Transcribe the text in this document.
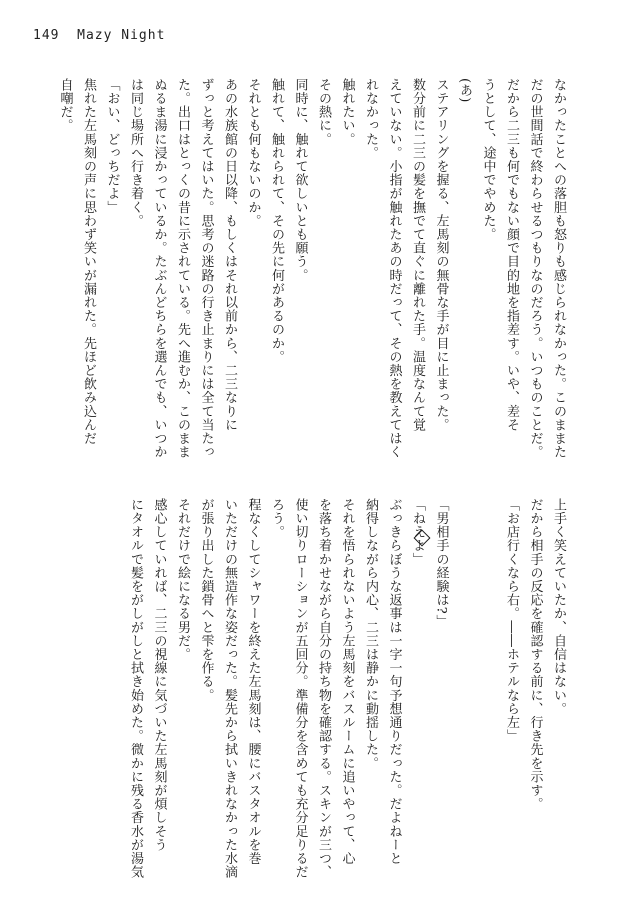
149 Mazy Night
なかったことへの落胆も怒りも感じられなかった。このままた
だの世間話で終わらせるつもりなのだろう。いつものことだ。
だから二三も何でもない顔で目的地を指差す。いや、差そ
うとして、途中でやめた。
(あ)
ステアリングを握る、左馬刻の無骨な手が目に止まった。
数分前に二三の髪を撫でて直ぐに離れた手。温度なんて覚
えていない。小指が触れたあの時だって、その熱を教えてはく
れなかった。
触れたい。
その熱に。
同時に、触れて欲しいとも願う。
触れて、触れられて、その先に何があるのか。
それとも何もないのか。
あの水族館の日以降、もしくはそれ以前から、二三なりに
ずっと考えてはいた。思考の迷路の行き止まりには全て当たっ
た。出口はとっくの昔に示されている。先へ進むか、このまま
ぬるま湯に浸かっているか。たぶんどちらを選んでも、いつか
は同じ場所へ行き着く。
「おい、どっちだよ」
焦れた左馬刻の声に思わず笑いが漏れた。先ほど飲み込んだ
自嘲だ。
上手く笑えていたか、自信はない。
だから相手の反応を確認する前に、行き先を示す。
「お店行くなら右。――ホテルなら左」
「男相手の経験は?」
「ねえよ」
ぶっきらぼうな返事は一字一句予想通りだった。だよねーと
納得しながら内心、二三は静かに動揺した。
それを悟られないよう左馬刻をバスルームに追いやって、心
を落ち着かせながら自分の持ち物を確認する。スキンが三つ、
使い切りローションが五回分。準備分を含めても充分足りるだ
ろう。
程なくしてシャワーを終えた左馬刻は、腰にバスタオルを巻
いただけの無造作な姿だった。髪先から拭いきれなかった水滴
が張り出した鎖骨へと雫を作る。
それだけで絵になる男だ。
感心していれば、二三の視線に気づいた左馬刻が煩しそう
にタオルで髪をがしがしと拭き始めた。微かに残る香水が湯気
